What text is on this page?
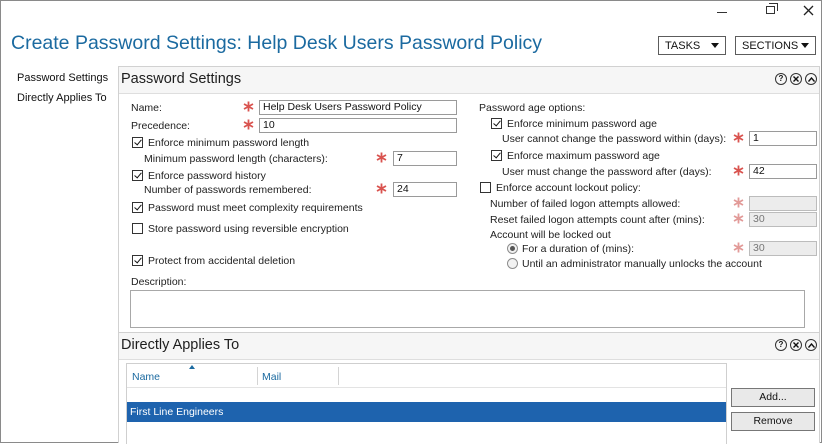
Create Password Settings: Help Desk Users Password Policy	TASKS	SECTIONS
Password Settings
Directly Applies To
Password Settings	?
Name:	Help Desk Users Password Policy
Precedence:	10
Enforce minimum password length
Minimum password length (characters):	7
Enforce password history
Number of passwords remembered:	24
Password must meet complexity requirements
Store password using reversible encryption
Protect from accidental deletion
Description:
Password age options:
Enforce minimum password age
User cannot change the password within (days):	1
Enforce maximum password age
User must change the password after (days):	42
Enforce account lockout policy:
Number of failed logon attempts allowed:
Reset failed logon attempts count after (mins):	30
Account will be locked out
For a duration of (mins):	30
Until an administrator manually unlocks the account
Directly Applies To	?
Name	Mail
First Line Engineers
Add...
Remove
